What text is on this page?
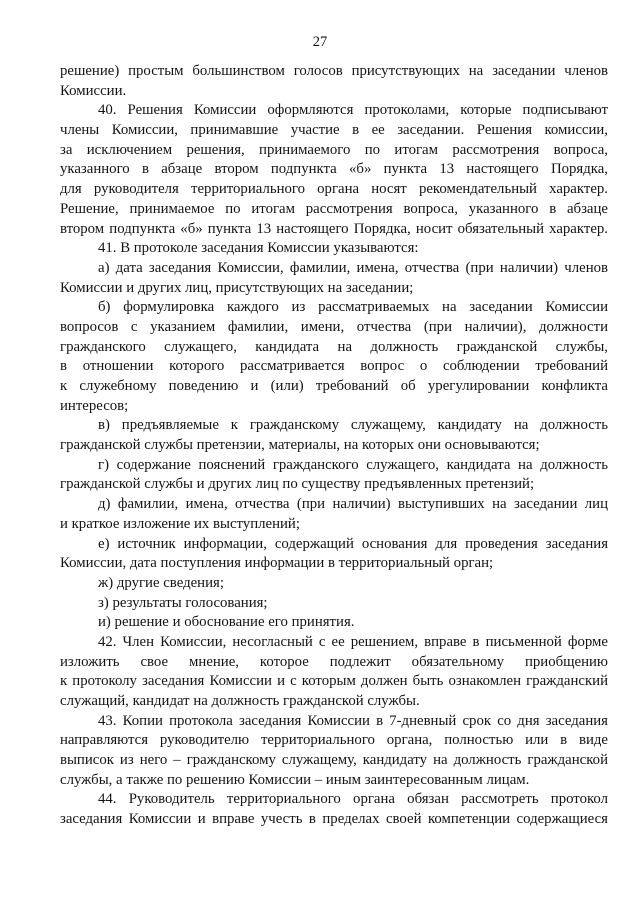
27
решение) простым большинством голосов присутствующих на заседании членов
Комиссии.
40. Решения Комиссии оформляются протоколами, которые подписывают
члены Комиссии, принимавшие участие в ее заседании. Решения комиссии,
за исключением решения, принимаемого по итогам рассмотрения вопроса,
указанного в абзаце втором подпункта «б» пункта 13 настоящего Порядка,
для руководителя территориального органа носят рекомендательный характер.
Решение, принимаемое по итогам рассмотрения вопроса, указанного в абзаце
втором подпункта «б» пункта 13 настоящего Порядка, носит обязательный характер.
41. В протоколе заседания Комиссии указываются:
а) дата заседания Комиссии, фамилии, имена, отчества (при наличии) членов
Комиссии и других лиц, присутствующих на заседании;
б) формулировка каждого из рассматриваемых на заседании Комиссии
вопросов с указанием фамилии, имени, отчества (при наличии), должности
гражданского служащего, кандидата на должность гражданской службы,
в отношении которого рассматривается вопрос о соблюдении требований
к служебному поведению и (или) требований об урегулировании конфликта
интересов;
в) предъявляемые к гражданскому служащему, кандидату на должность
гражданской службы претензии, материалы, на которых они основываются;
г) содержание пояснений гражданского служащего, кандидата на должность
гражданской службы и других лиц по существу предъявленных претензий;
д) фамилии, имена, отчества (при наличии) выступивших на заседании лиц
и краткое изложение их выступлений;
е) источник информации, содержащий основания для проведения заседания
Комиссии, дата поступления информации в территориальный орган;
ж) другие сведения;
з) результаты голосования;
и) решение и обоснование его принятия.
42. Член Комиссии, несогласный с ее решением, вправе в письменной форме
изложить свое мнение, которое подлежит обязательному приобщению
к протоколу заседания Комиссии и с которым должен быть ознакомлен гражданский
служащий, кандидат на должность гражданской службы.
43. Копии протокола заседания Комиссии в 7-дневный срок со дня заседания
направляются руководителю территориального органа, полностью или в виде
выписок из него – гражданскому служащему, кандидату на должность гражданской
службы, а также по решению Комиссии – иным заинтересованным лицам.
44. Руководитель территориального органа обязан рассмотреть протокол
заседания Комиссии и вправе учесть в пределах своей компетенции содержащиеся
